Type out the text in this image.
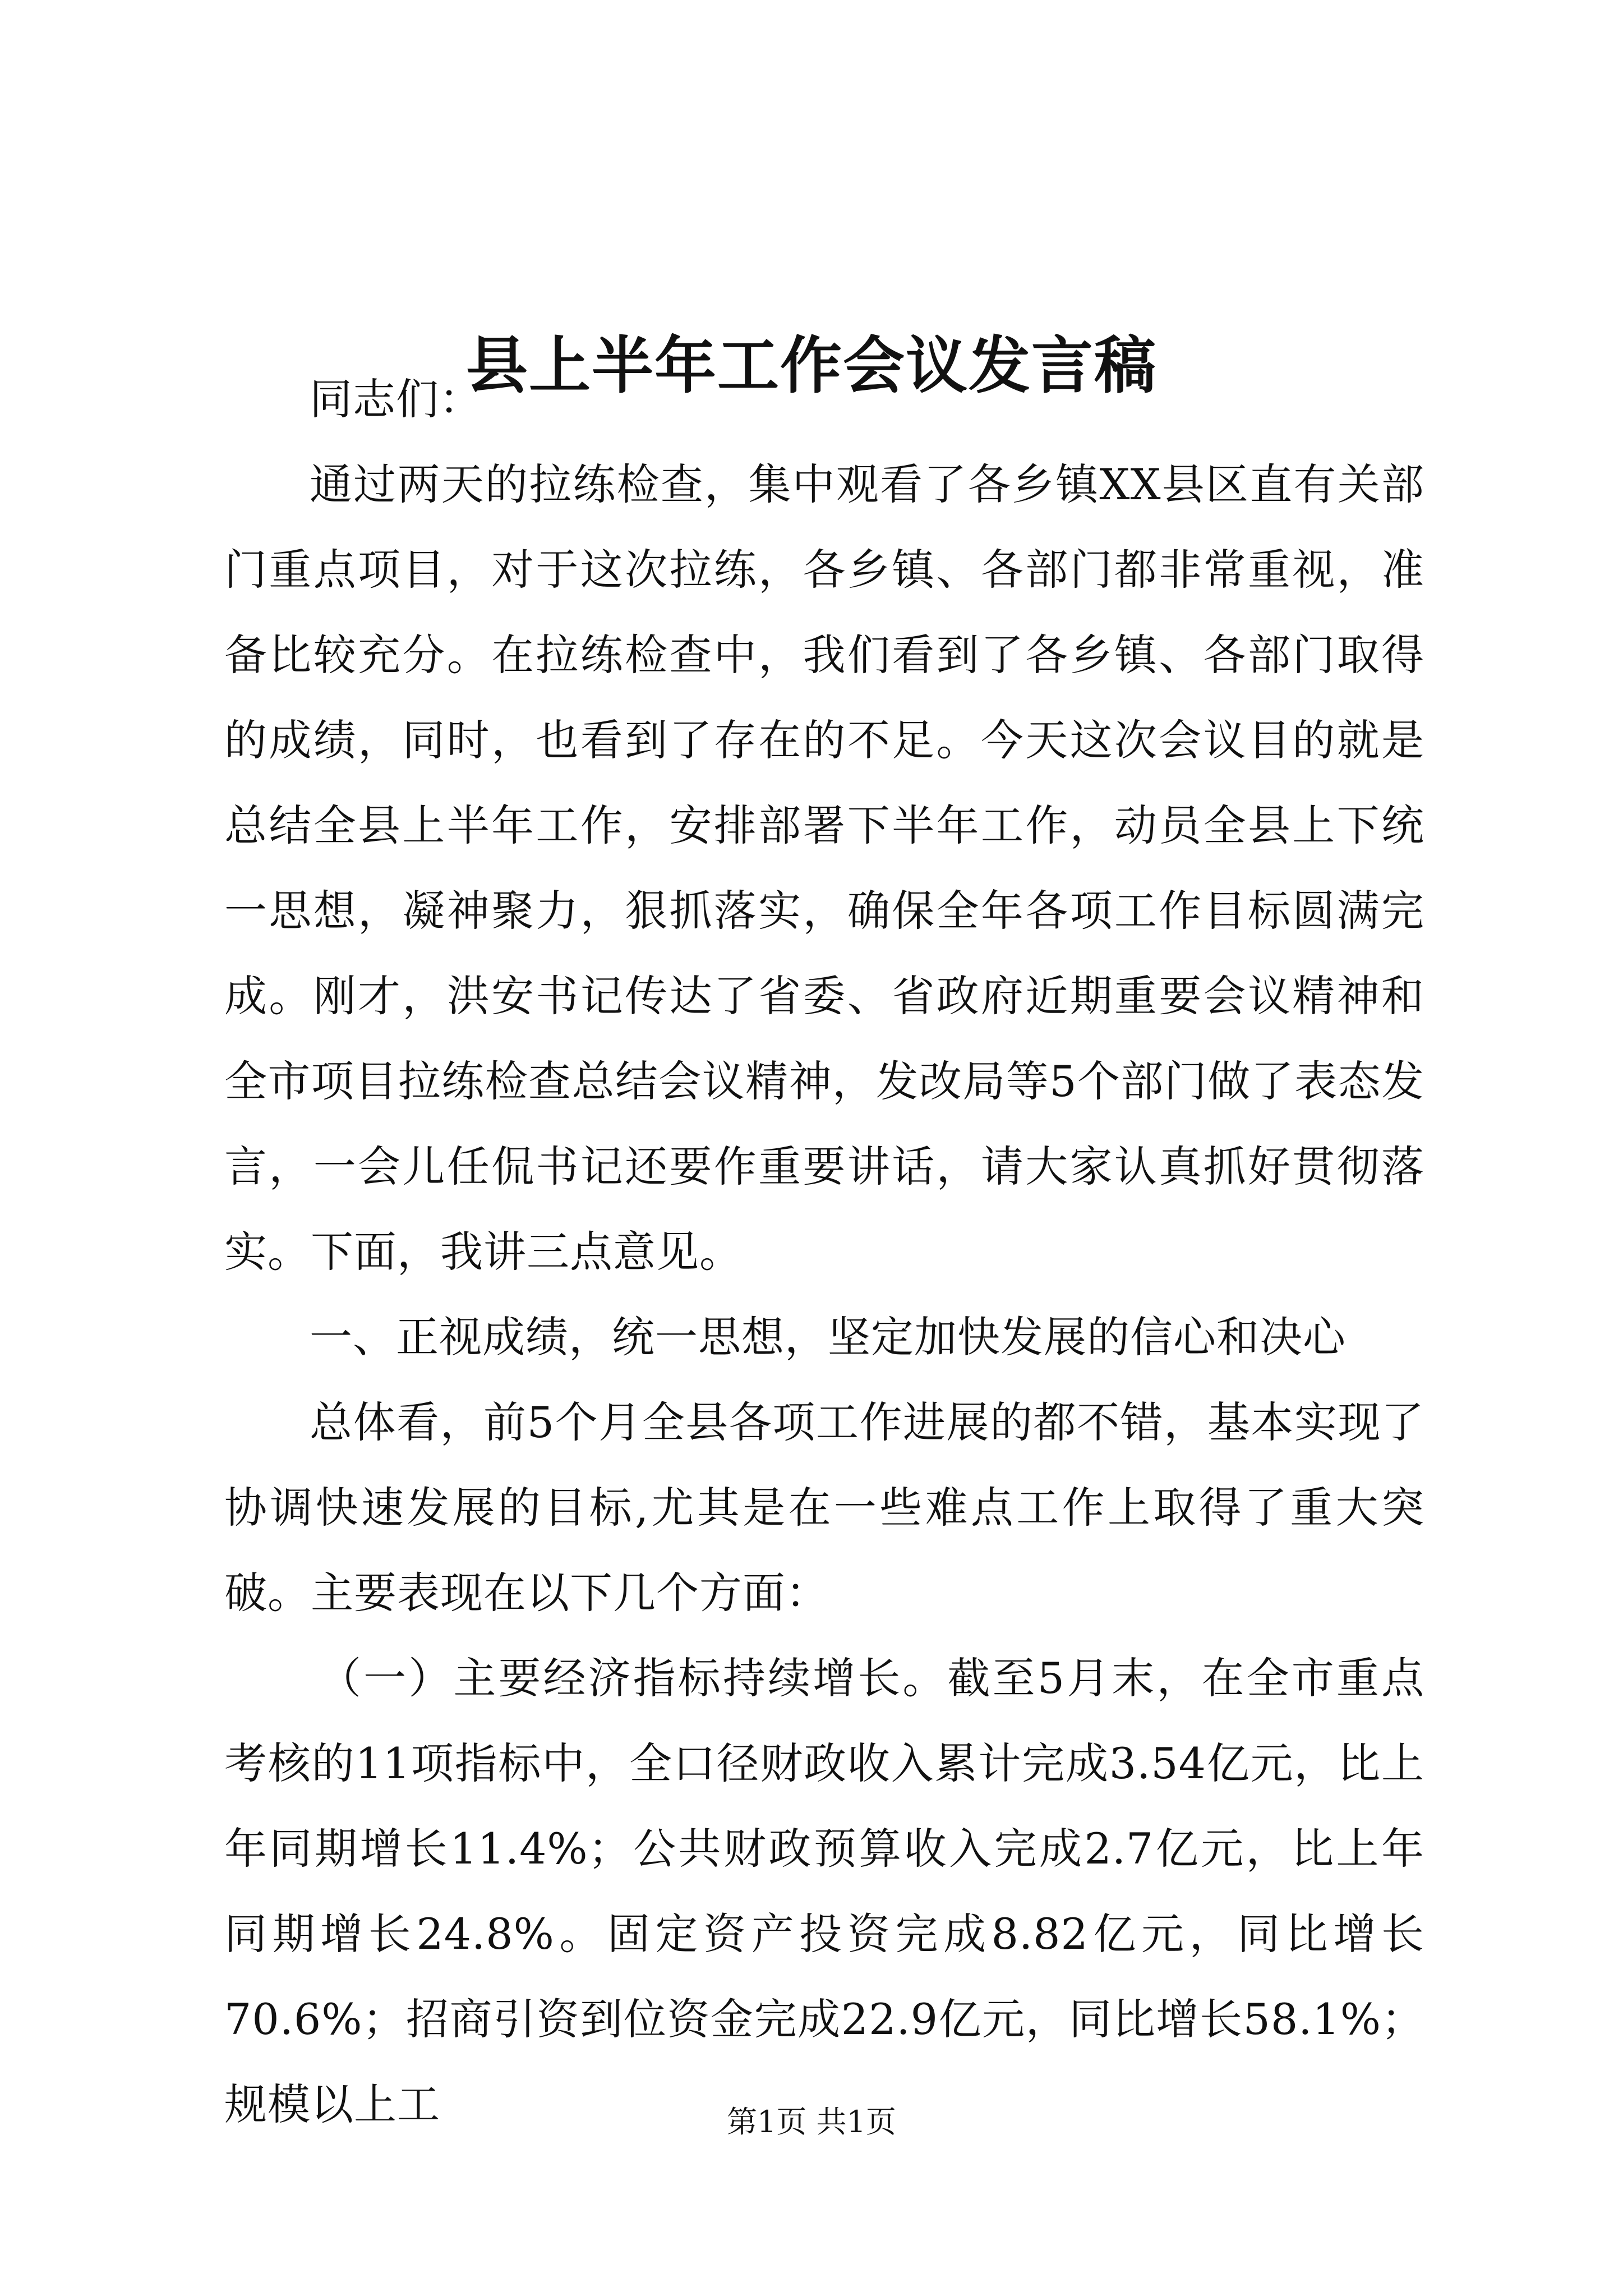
县上半年工作会议发言稿

同志们：

通过两天的拉练检查，集中观看了各乡镇XX县区直有关部门重点项目，对于这次拉练，各乡镇、各部门都非常重视，准备比较充分。在拉练检查中，我们看到了各乡镇、各部门取得的成绩，同时，也看到了存在的不足。今天这次会议目的就是总结全县上半年工作，安排部署下半年工作，动员全县上下统一思想，凝神聚力，狠抓落实，确保全年各项工作目标圆满完成。刚才，洪安书记传达了省委、省政府近期重要会议精神和全市项目拉练检查总结会议精神，发改局等5个部门做了表态发言，一会儿任侃书记还要作重要讲话，请大家认真抓好贯彻落实。下面，我讲三点意见。

一、正视成绩，统一思想，坚定加快发展的信心和决心

总体看，前5个月全县各项工作进展的都不错，基本实现了协调快速发展的目标,尤其是在一些难点工作上取得了重大突破。主要表现在以下几个方面：

（一）主要经济指标持续增长。截至5月末，在全市重点考核的11项指标中，全口径财政收入累计完成3.54亿元，比上年同期增长11.4%；公共财政预算收入完成2.7亿元，比上年同期增长24.8%。固定资产投资完成8.82亿元，同比增长70.6%；招商引资到位资金完成22.9亿元，同比增长58.1%；规模以上工	第1页 共1页
